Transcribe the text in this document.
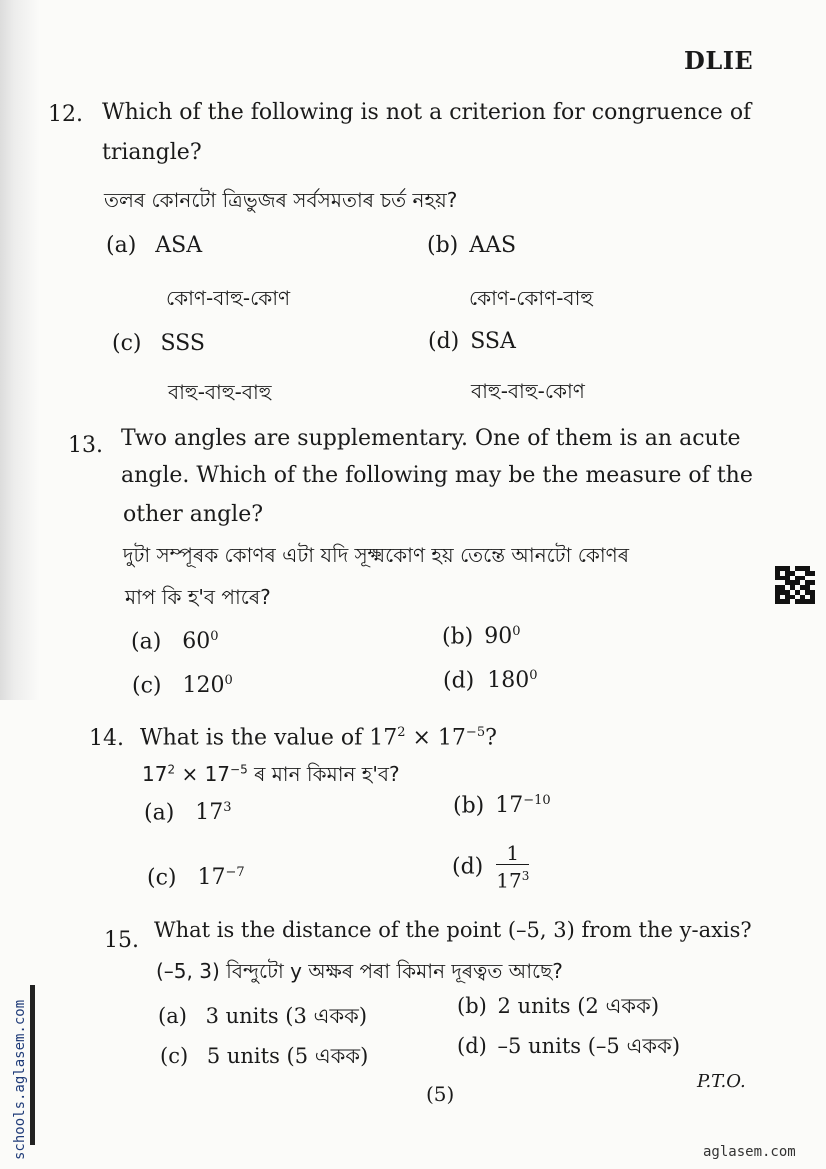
DLIE
12. Which of the following is not a criterion for congruence of
triangle?
তলৰ কোনটো ত্ৰিভুজৰ সৰ্বসমতাৰ চৰ্ত নহয়?
(a) ASA
কোণ-বাহু-কোণ
(b) AAS
কোণ-কোণ-বাহু
(c) SSS
বাহু-বাহু-বাহু
(d) SSA
বাহু-বাহু-কোণ
13. Two angles are supplementary. One of them is an acute
angle. Which of the following may be the measure of the
other angle?
দুটা সম্পূৰক কোণৰ এটা যদি সূক্ষ্মকোণ হয় তেন্তে আনটো কোণৰ
মাপ কি হ'ব পাৰে?
(a) $60^0$	(b) $90^0$
(c) $120^0$	(d) $180^0$
14. What is the value of $17^2 \times 17^{-5}$?
$17^2 \times 17^{-5}$ ৰ মান কিমান হ'ব?
(a) $17^3$	(b) $17^{-10}$
(c) $17^{-7}$	$(d) \frac{1}{17^3}$
15. What is the distance of the point (–5, 3) from the y-axis?
(–5, 3) বিন্দুটো y অক্ষৰ পৰা কিমান দূৰত্বত আছে?
(a) 3 units (3 একক)	(b) 2 units (2 একক)
(c) 5 units (5 একক)	(d) –5 units (–5 একক)
(5)
P.T.O.
aglasem.com
schools.aglasem.com
